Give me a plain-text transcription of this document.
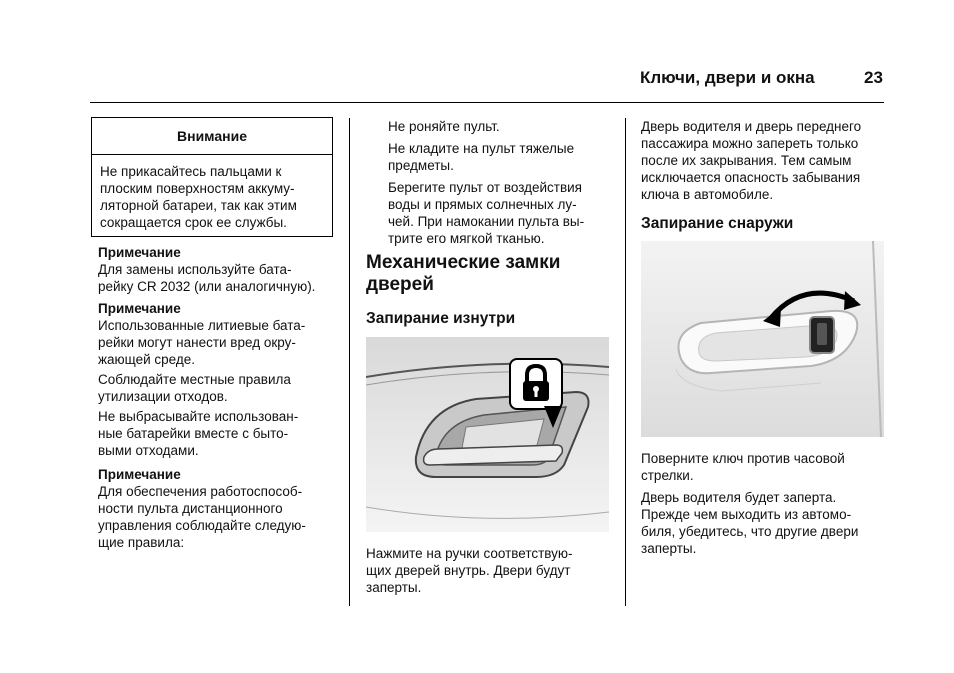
Ключи, двери и окна	23
Внимание
Не прикасайтесь пальцами к
плоским поверхностям аккуму-
ляторной батареи, так как этим
сокращается срок ее службы.
Примечание
Для замены используйте бата-
рейку CR 2032 (или аналогичную).
Примечание
Использованные литиевые бата-
рейки могут нанести вред окру-
жающей среде.
Соблюдайте местные правила
утилизации отходов.
Не выбрасывайте использован-
ные батарейки вместе с быто-
выми отходами.
Примечание
Для обеспечения работоспособ-
ности пульта дистанционного
управления соблюдайте следую-
щие правила:
Не роняйте пульт.
Не кладите на пульт тяжелые
предметы.
Берегите пульт от воздействия
воды и прямых солнечных лу-
чей. При намокании пульта вы-
трите его мягкой тканью.
Механические замки
дверей
Запирание изнутри
Нажмите на ручки соответствую-
щих дверей внутрь. Двери будут
заперты.
Дверь водителя и дверь переднего
пассажира можно запереть только
после их закрывания. Тем самым
исключается опасность забывания
ключа в автомобиле.
Запирание снаружи
Поверните ключ против часовой
стрелки.
Дверь водителя будет заперта.
Прежде чем выходить из автомо-
биля, убедитесь, что другие двери
заперты.
